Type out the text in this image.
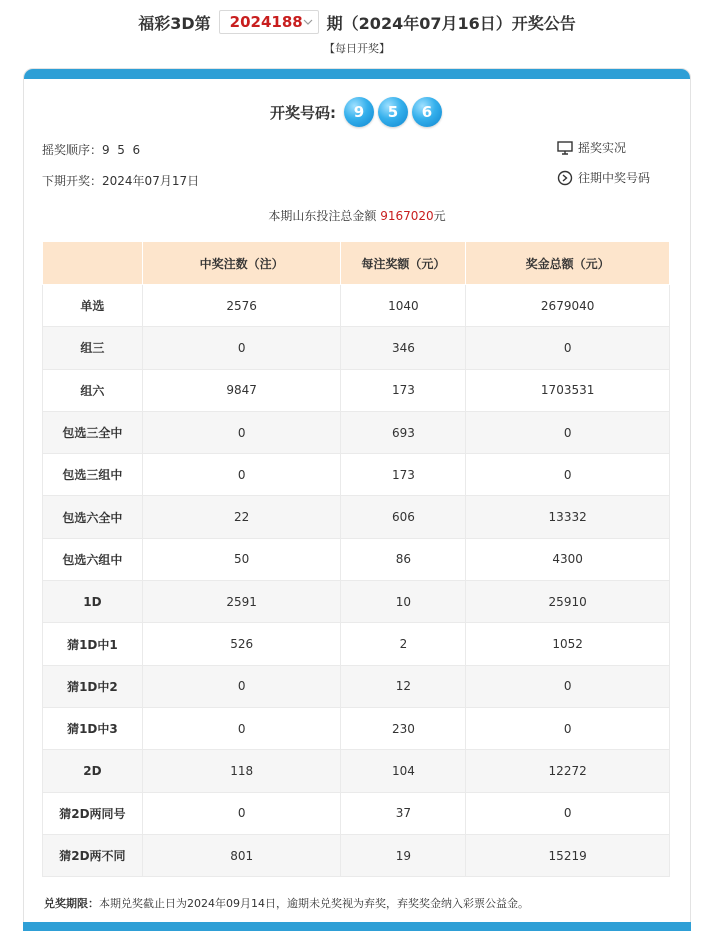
福彩3D第 2024188 期（2024年07月16日）开奖公告
【每日开奖】
开奖号码:	9	5	6
摇奖顺序：9  5  6
下期开奖：2024年07月17日
摇奖实况
往期中奖号码
本期山东投注总金额 9167020元
	中奖注数（注）	每注奖额（元）	奖金总额（元）
单选	2576	1040	2679040
组三	0	346	0
组六	9847	173	1703531
包选三全中	0	693	0
包选三组中	0	173	0
包选六全中	22	606	13332
包选六组中	50	86	4300
1D	2591	10	25910
猜1D中1	526	2	1052
猜1D中2	0	12	0
猜1D中3	0	230	0
2D	118	104	12272
猜2D两同号	0	37	0
猜2D两不同	801	19	15219
兑奖期限：本期兑奖截止日为2024年09月14日，逾期未兑奖视为弃奖，弃奖奖金纳入彩票公益金。
